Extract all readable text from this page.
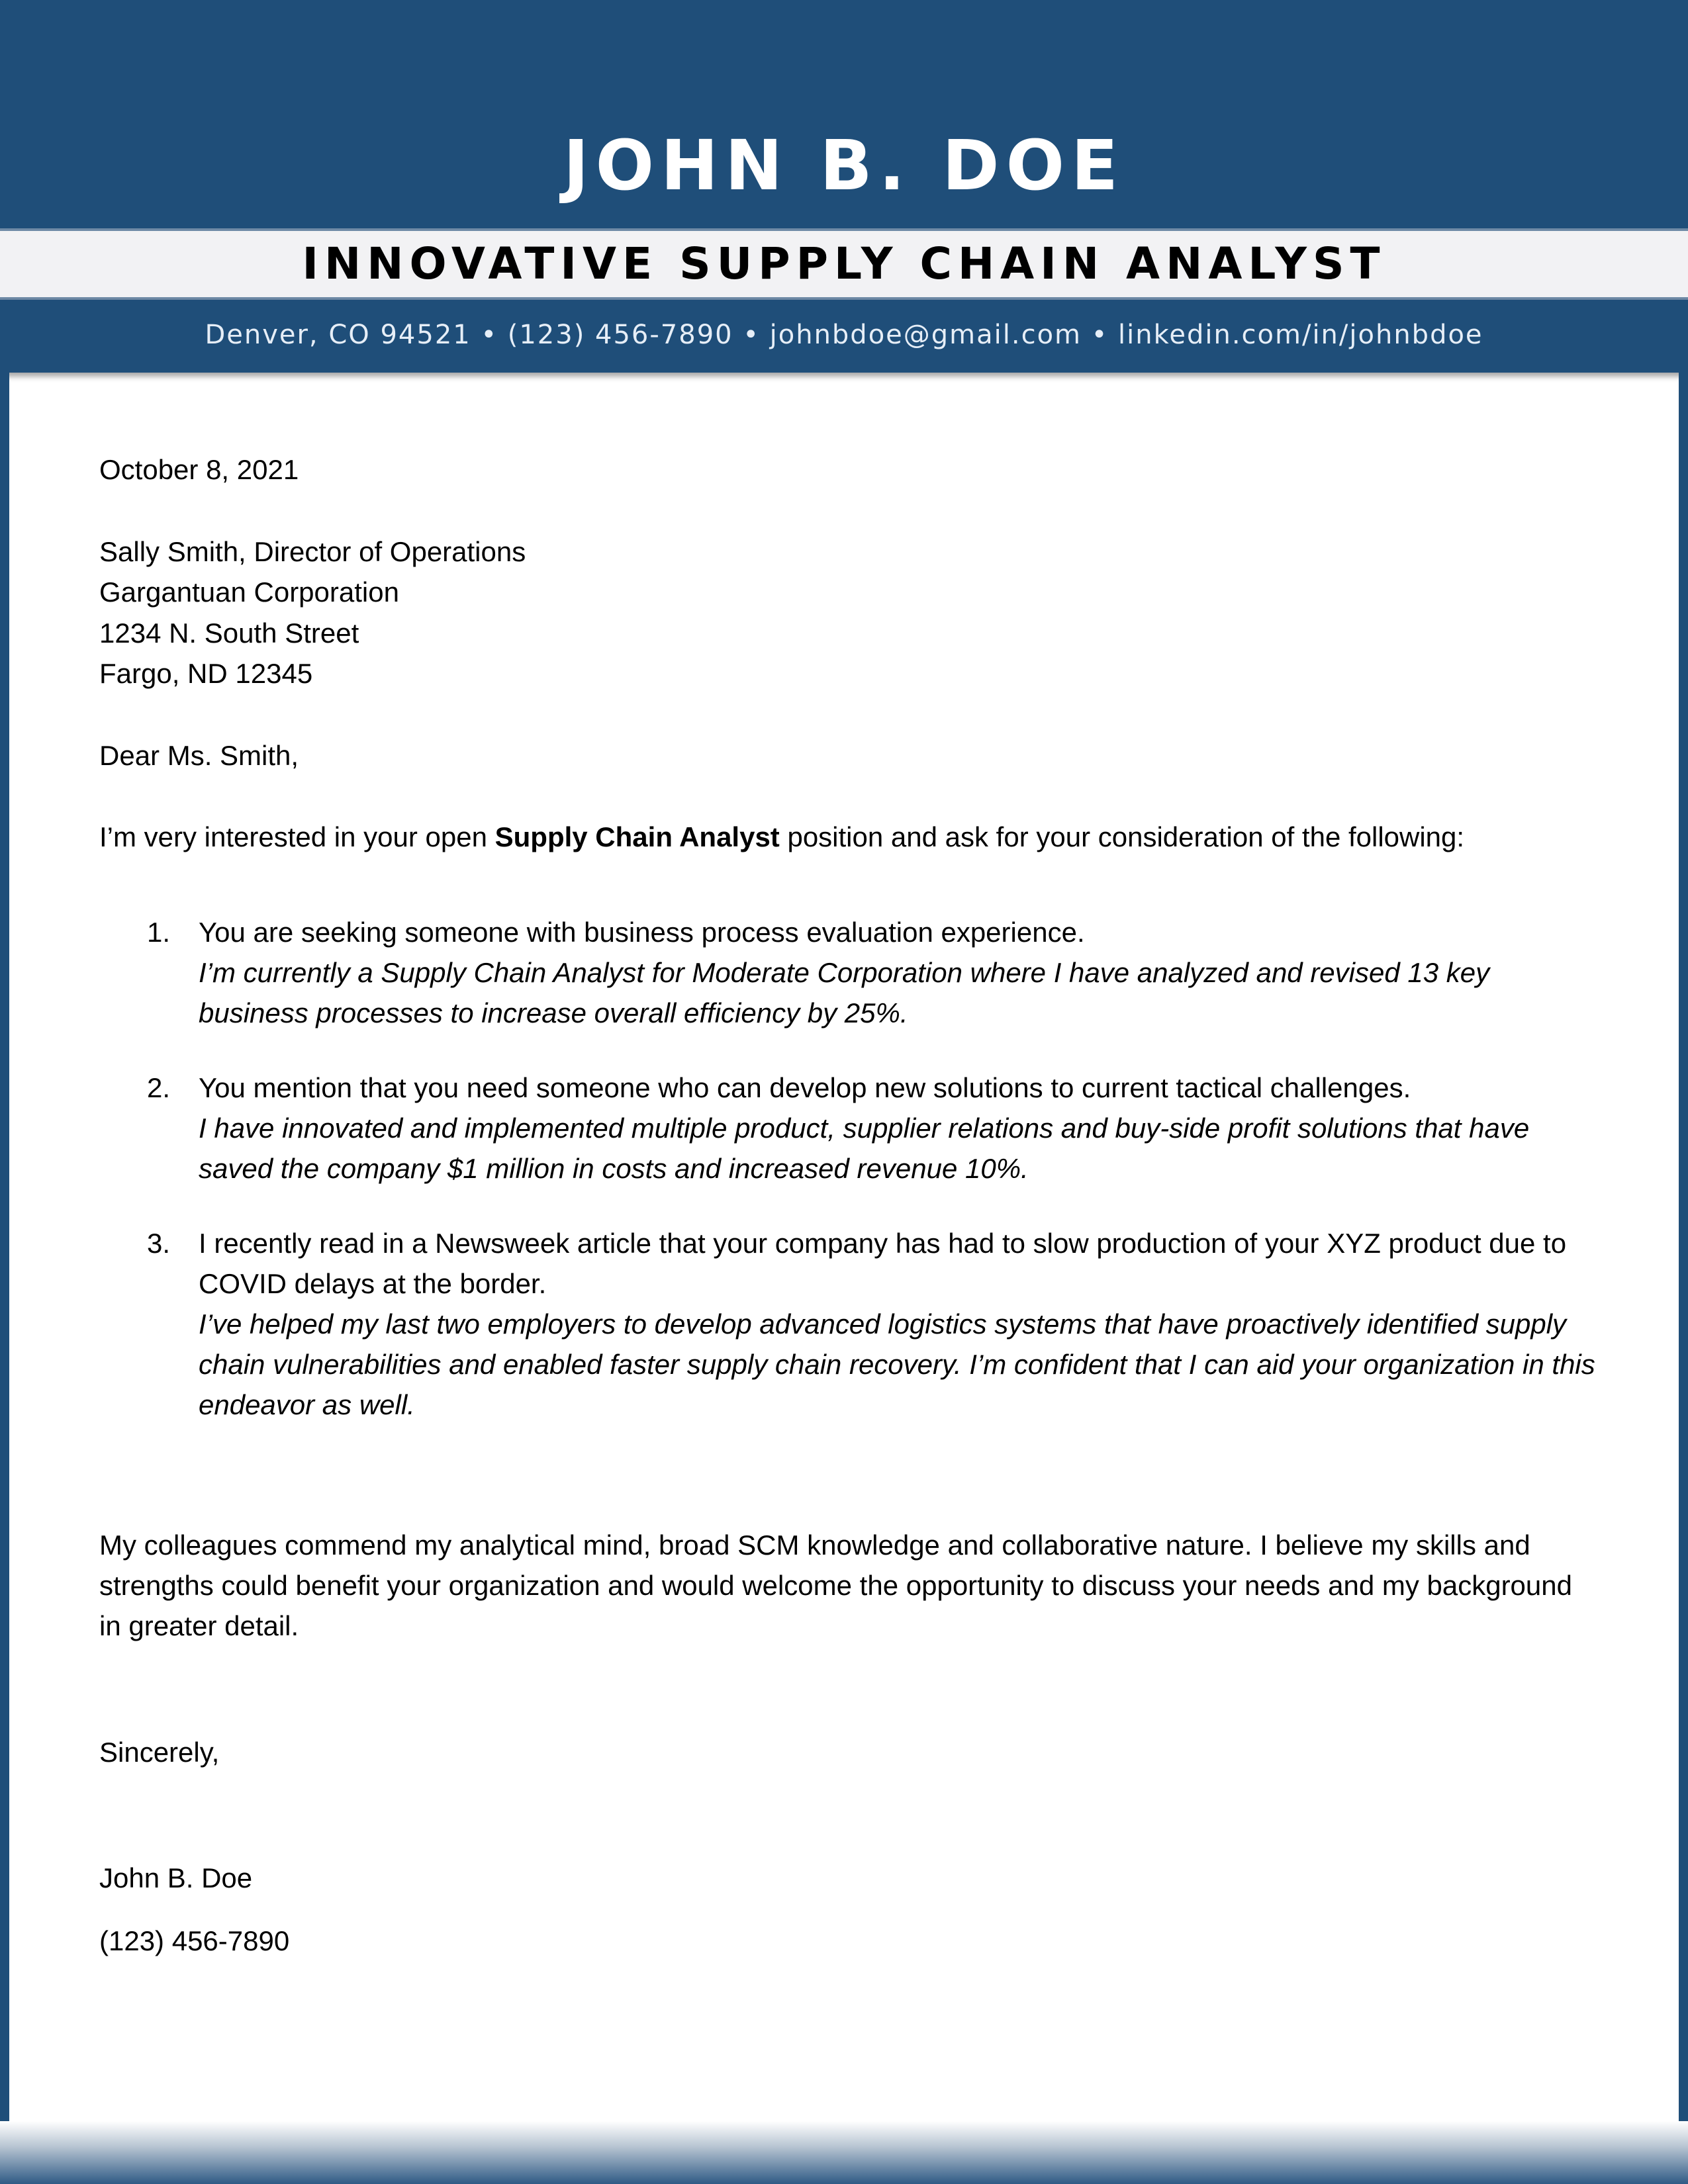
JOHN B. DOE
INNOVATIVE SUPPLY CHAIN ANALYST
Denver, CO 94521 • (123) 456-7890 • johnbdoe@gmail.com • linkedin.com/in/johnbdoe
October 8, 2021
Sally Smith, Director of Operations
Gargantuan Corporation
1234 N. South Street
Fargo, ND 12345
Dear Ms. Smith,
I’m very interested in your open Supply Chain Analyst position and ask for your consideration of the following:
1. You are seeking someone with business process evaluation experience.
I’m currently a Supply Chain Analyst for Moderate Corporation where I have analyzed and revised 13 key business processes to increase overall efficiency by 25%.
2. You mention that you need someone who can develop new solutions to current tactical challenges.
I have innovated and implemented multiple product, supplier relations and buy-side profit solutions that have saved the company $1 million in costs and increased revenue 10%.
3. I recently read in a Newsweek article that your company has had to slow production of your XYZ product due to COVID delays at the border.
I’ve helped my last two employers to develop advanced logistics systems that have proactively identified supply chain vulnerabilities and enabled faster supply chain recovery. I’m confident that I can aid your organization in this endeavor as well.
My colleagues commend my analytical mind, broad SCM knowledge and collaborative nature. I believe my skills and strengths could benefit your organization and would welcome the opportunity to discuss your needs and my background in greater detail.
Sincerely,
John B. Doe
(123) 456-7890
